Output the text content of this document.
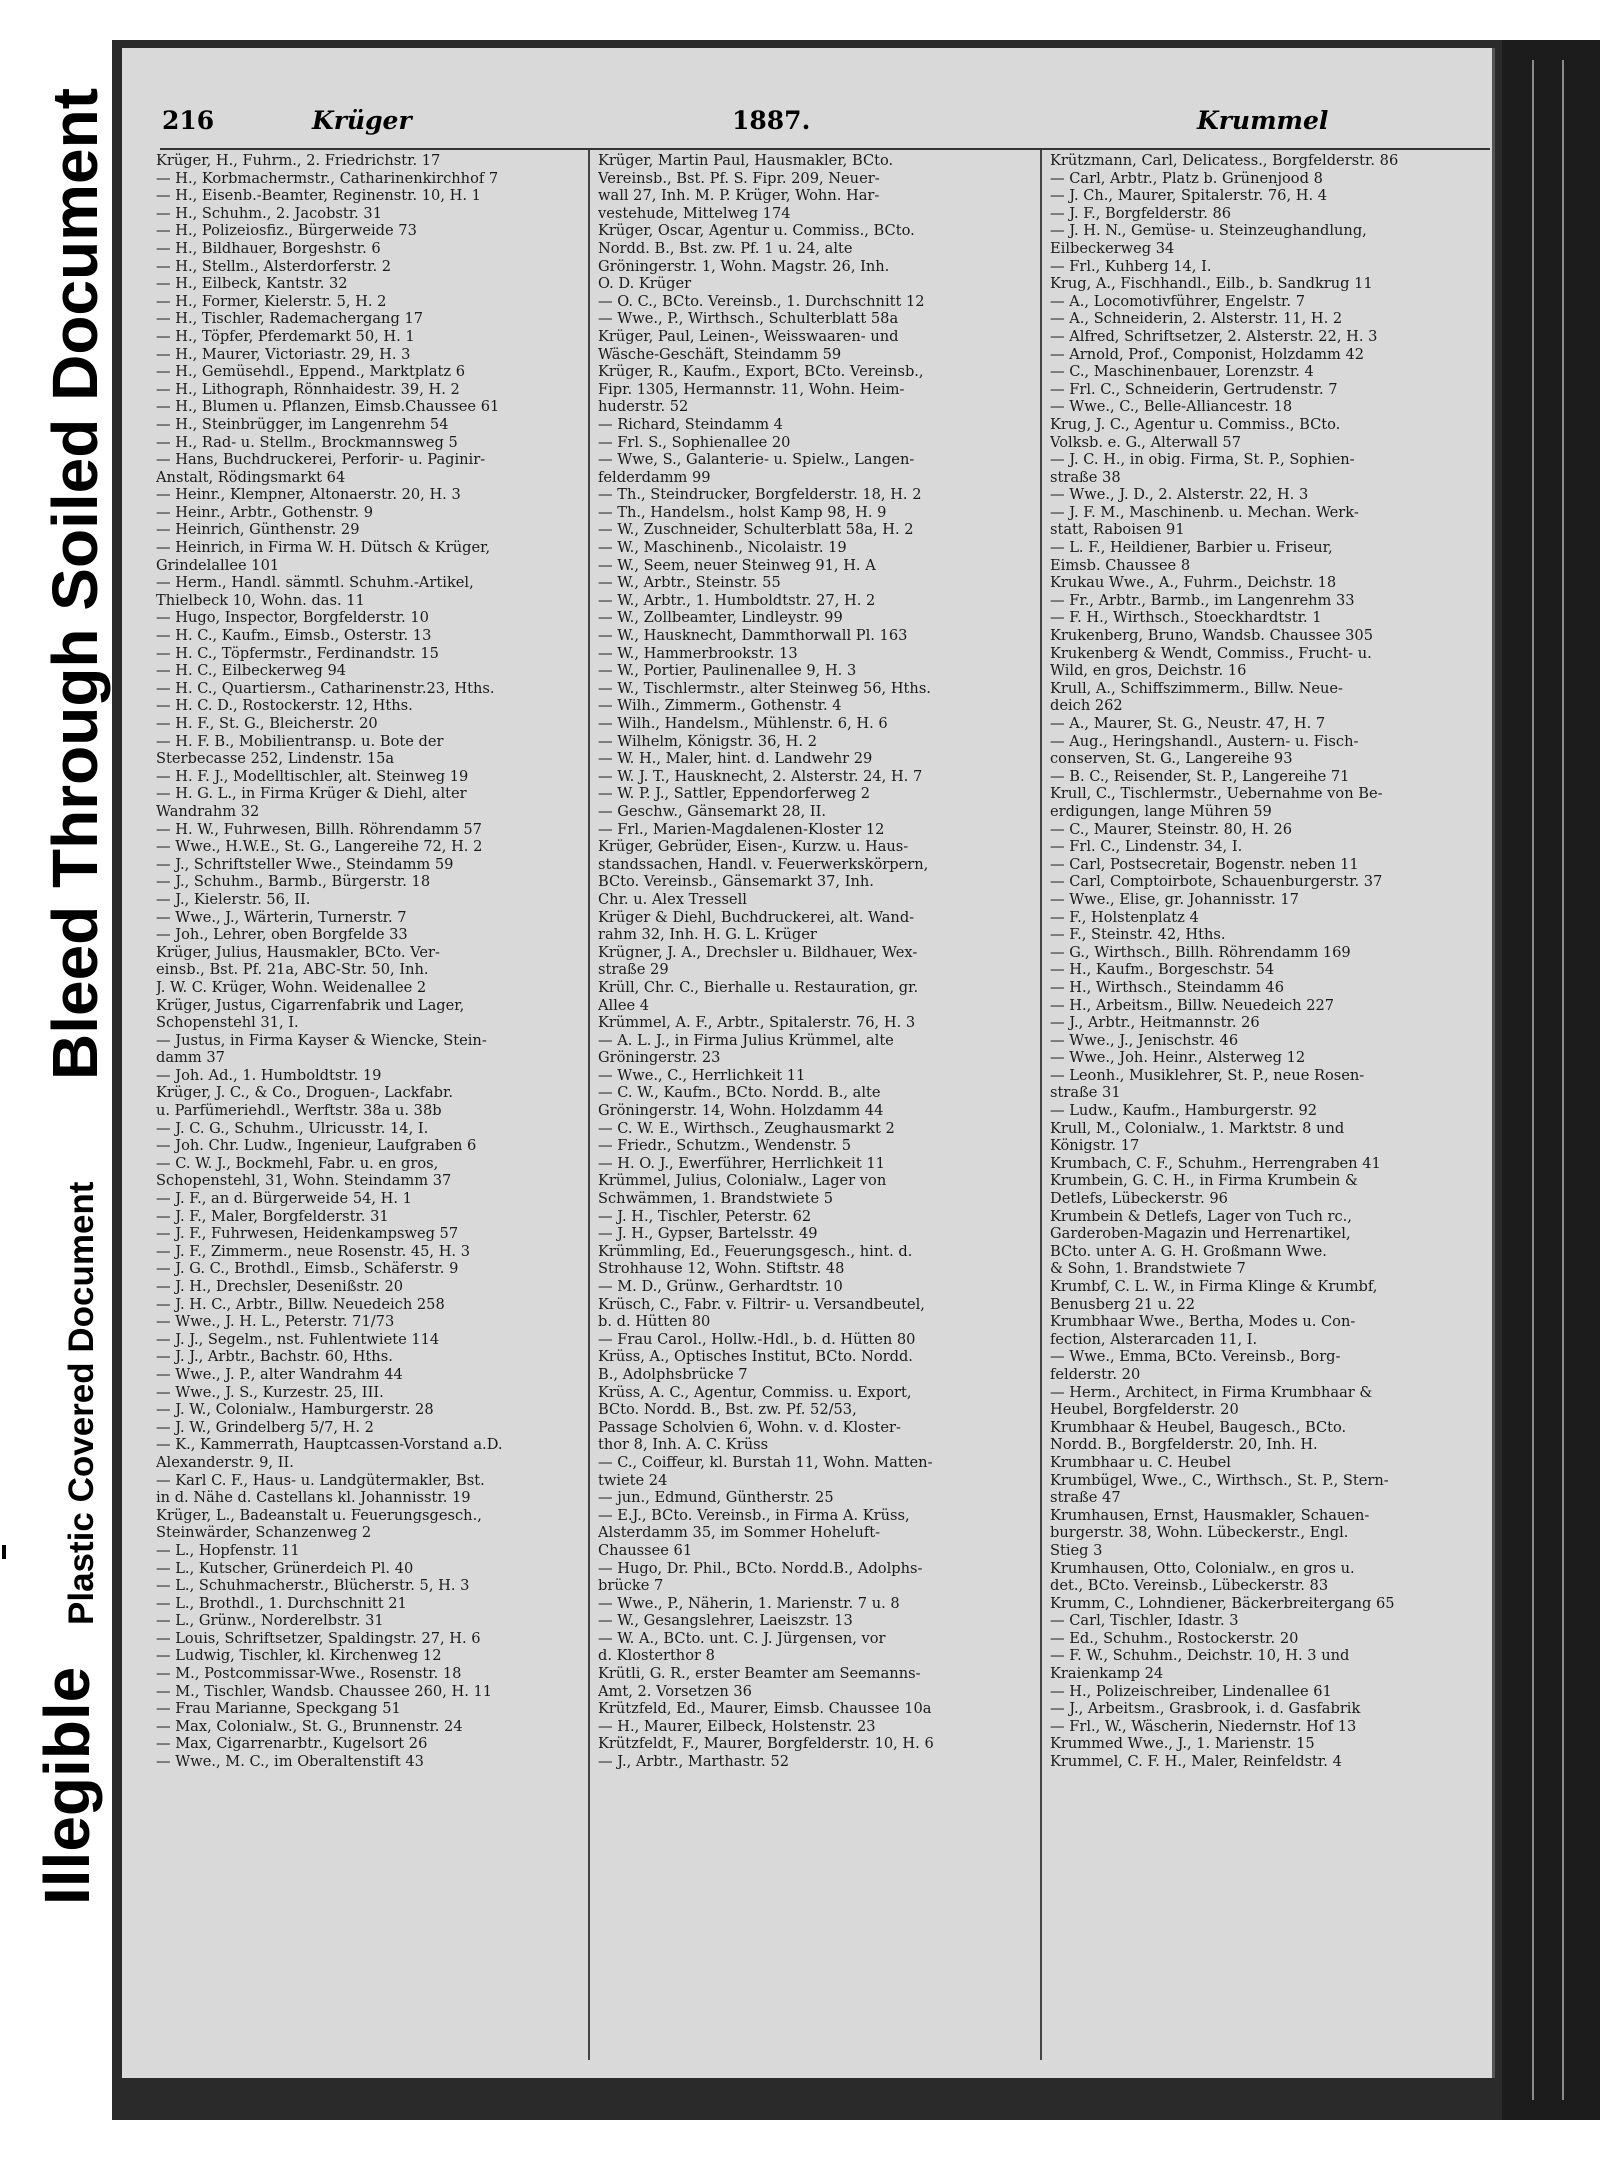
Bleed Through Soiled Document
Plastic Covered Document
Illegible
216	Krüger	1887.	Krummel
Krüger, H., Fuhrm., 2. Friedrichstr. 17
— H., Korbmachermstr., Catharinenkirchhof 7
— H., Eisenb.-Beamter, Reginenstr. 10, H. 1
— H., Schuhm., 2. Jacobstr. 31
— H., Polizeiosfiz., Bürgerweide 73
— H., Bildhauer, Borgeshstr. 6
— H., Stellm., Alsterdorferstr. 2
— H., Eilbeck, Kantstr. 32
— H., Former, Kielerstr. 5, H. 2
— H., Tischler, Rademachergang 17
— H., Töpfer, Pferdemarkt 50, H. 1
— H., Maurer, Victoriastr. 29, H. 3
— H., Gemüsehdl., Eppend., Marktplatz 6
— H., Lithograph, Rönnhaidestr. 39, H. 2
— H., Blumen u. Pflanzen, Eimsb.Chaussee 61
— H., Steinbrügger, im Langenrehm 54
— H., Rad- u. Stellm., Brockmannsweg 5
— Hans, Buchdruckerei, Perforir- u. Paginir-
Anstalt, Rödingsmarkt 64
— Heinr., Klempner, Altonaerstr. 20, H. 3
— Heinr., Arbtr., Gothenstr. 9
— Heinrich, Günthenstr. 29
— Heinrich, in Firma W. H. Dütsch & Krüger,
Grindelallee 101
— Herm., Handl. sämmtl. Schuhm.-Artikel,
Thielbeck 10, Wohn. das. 11
— Hugo, Inspector, Borgfelderstr. 10
— H. C., Kaufm., Eimsb., Osterstr. 13
— H. C., Töpfermstr., Ferdinandstr. 15
— H. C., Eilbeckerweg 94
— H. C., Quartiersm., Catharinenstr.23, Hths.
— H. C. D., Rostockerstr. 12, Hths.
— H. F., St. G., Bleicherstr. 20
— H. F. B., Mobilientransp. u. Bote der
Sterbecasse 252, Lindenstr. 15a
— H. F. J., Modelltischler, alt. Steinweg 19
— H. G. L., in Firma Krüger & Diehl, alter
Wandrahm 32
— H. W., Fuhrwesen, Billh. Röhrendamm 57
— Wwe., H.W.E., St. G., Langereihe 72, H. 2
— J., Schriftsteller Wwe., Steindamm 59
— J., Schuhm., Barmb., Bürgerstr. 18
— J., Kielerstr. 56, II.
— Wwe., J., Wärterin, Turnerstr. 7
— Joh., Lehrer, oben Borgfelde 33
Krüger, Julius, Hausmakler, BCto. Ver-
einsb., Bst. Pf. 21a, ABC-Str. 50, Inh.
J. W. C. Krüger, Wohn. Weidenallee 2
Krüger, Justus, Cigarrenfabrik und Lager,
Schopenstehl 31, I.
— Justus, in Firma Kayser & Wiencke, Stein-
damm 37
— Joh. Ad., 1. Humboldtstr. 19
Krüger, J. C., & Co., Droguen-, Lackfabr.
u. Parfümeriehdl., Werftstr. 38a u. 38b
— J. C. G., Schuhm., Ulricusstr. 14, I.
— Joh. Chr. Ludw., Ingenieur, Laufgraben 6
— C. W. J., Bockmehl, Fabr. u. en gros,
Schopenstehl, 31, Wohn. Steindamm 37
— J. F., an d. Bürgerweide 54, H. 1
— J. F., Maler, Borgfelderstr. 31
— J. F., Fuhrwesen, Heidenkampsweg 57
— J. F., Zimmerm., neue Rosenstr. 45, H. 3
— J. G. C., Brothdl., Eimsb., Schäferstr. 9
— J. H., Drechsler, Desenißstr. 20
— J. H. C., Arbtr., Billw. Neuedeich 258
— Wwe., J. H. L., Peterstr. 71/73
— J. J., Segelm., nst. Fuhlentwiete 114
— J. J., Arbtr., Bachstr. 60, Hths.
— Wwe., J. P., alter Wandrahm 44
— Wwe., J. S., Kurzestr. 25, III.
— J. W., Colonialw., Hamburgerstr. 28
— J. W., Grindelberg 5/7, H. 2
— K., Kammerrath, Hauptcassen-Vorstand a.D.
Alexanderstr. 9, II.
— Karl C. F., Haus- u. Landgütermakler, Bst.
in d. Nähe d. Castellans kl. Johannisstr. 19
Krüger, L., Badeanstalt u. Feuerungsgesch.,
Steinwärder, Schanzenweg 2
— L., Hopfenstr. 11
— L., Kutscher, Grünerdeich Pl. 40
— L., Schuhmacherstr., Blücherstr. 5, H. 3
— L., Brothdl., 1. Durchschnitt 21
— L., Grünw., Norderelbstr. 31
— Louis, Schriftsetzer, Spaldingstr. 27, H. 6
— Ludwig, Tischler, kl. Kirchenweg 12
— M., Postcommissar-Wwe., Rosenstr. 18
— M., Tischler, Wandsb. Chaussee 260, H. 11
— Frau Marianne, Speckgang 51
— Max, Colonialw., St. G., Brunnenstr. 24
— Max, Cigarrenarbtr., Kugelsort 26
— Wwe., M. C., im Oberaltenstift 43
Krüger, Martin Paul, Hausmakler, BCto.
Vereinsb., Bst. Pf. S. Fipr. 209, Neuer-
wall 27, Inh. M. P. Krüger, Wohn. Har-
vestehude, Mittelweg 174
Krüger, Oscar, Agentur u. Commiss., BCto.
Nordd. B., Bst. zw. Pf. 1 u. 24, alte
Gröningerstr. 1, Wohn. Magstr. 26, Inh.
O. D. Krüger
— O. C., BCto. Vereinsb., 1. Durchschnitt 12
— Wwe., P., Wirthsch., Schulterblatt 58a
Krüger, Paul, Leinen-, Weisswaaren- und
Wäsche-Geschäft, Steindamm 59
Krüger, R., Kaufm., Export, BCto. Vereinsb.,
Fipr. 1305, Hermannstr. 11, Wohn. Heim-
huderstr. 52
— Richard, Steindamm 4
— Frl. S., Sophienallee 20
— Wwe, S., Galanterie- u. Spielw., Langen-
felderdamm 99
— Th., Steindrucker, Borgfelderstr. 18, H. 2
— Th., Handelsm., holst Kamp 98, H. 9
— W., Zuschneider, Schulterblatt 58a, H. 2
— W., Maschinenb., Nicolaistr. 19
— W., Seem, neuer Steinweg 91, H. A
— W., Arbtr., Steinstr. 55
— W., Arbtr., 1. Humboldtstr. 27, H. 2
— W., Zollbeamter, Lindleystr. 99
— W., Hausknecht, Dammthorwall Pl. 163
— W., Hammerbrookstr. 13
— W., Portier, Paulinenallee 9, H. 3
— W., Tischlermstr., alter Steinweg 56, Hths.
— Wilh., Zimmerm., Gothenstr. 4
— Wilh., Handelsm., Mühlenstr. 6, H. 6
— Wilhelm, Königstr. 36, H. 2
— W. H., Maler, hint. d. Landwehr 29
— W. J. T., Hausknecht, 2. Alsterstr. 24, H. 7
— W. P. J., Sattler, Eppendorferweg 2
— Geschw., Gänsemarkt 28, II.
— Frl., Marien-Magdalenen-Kloster 12
Krüger, Gebrüder, Eisen-, Kurzw. u. Haus-
standssachen, Handl. v. Feuerwerkskörpern,
BCto. Vereinsb., Gänsemarkt 37, Inh.
Chr. u. Alex Tressell
Krüger & Diehl, Buchdruckerei, alt. Wand-
rahm 32, Inh. H. G. L. Krüger
Krügner, J. A., Drechsler u. Bildhauer, Wex-
straße 29
Krüll, Chr. C., Bierhalle u. Restauration, gr.
Allee 4
Krümmel, A. F., Arbtr., Spitalerstr. 76, H. 3
— A. L. J., in Firma Julius Krümmel, alte
Gröningerstr. 23
— Wwe., C., Herrlichkeit 11
— C. W., Kaufm., BCto. Nordd. B., alte
Gröningerstr. 14, Wohn. Holzdamm 44
— C. W. E., Wirthsch., Zeughausmarkt 2
— Friedr., Schutzm., Wendenstr. 5
— H. O. J., Ewerführer, Herrlichkeit 11
Krümmel, Julius, Colonialw., Lager von
Schwämmen, 1. Brandstwiete 5
— J. H., Tischler, Peterstr. 62
— J. H., Gypser, Bartelsstr. 49
Krümmling, Ed., Feuerungsgesch., hint. d.
Strohhause 12, Wohn. Stiftstr. 48
— M. D., Grünw., Gerhardtstr. 10
Krüsch, C., Fabr. v. Filtrir- u. Versandbeutel,
b. d. Hütten 80
— Frau Carol., Hollw.-Hdl., b. d. Hütten 80
Krüss, A., Optisches Institut, BCto. Nordd.
B., Adolphsbrücke 7
Krüss, A. C., Agentur, Commiss. u. Export,
BCto. Nordd. B., Bst. zw. Pf. 52/53,
Passage Scholvien 6, Wohn. v. d. Kloster-
thor 8, Inh. A. C. Krüss
— C., Coiffeur, kl. Burstah 11, Wohn. Matten-
twiete 24
— jun., Edmund, Güntherstr. 25
— E.J., BCto. Vereinsb., in Firma A. Krüss,
Alsterdamm 35, im Sommer Hoheluft-
Chaussee 61
— Hugo, Dr. Phil., BCto. Nordd.B., Adolphs-
brücke 7
— Wwe., P., Näherin, 1. Marienstr. 7 u. 8
— W., Gesangslehrer, Laeiszstr. 13
— W. A., BCto. unt. C. J. Jürgensen, vor
d. Klosterthor 8
Krütli, G. R., erster Beamter am Seemanns-
Amt, 2. Vorsetzen 36
Krützfeld, Ed., Maurer, Eimsb. Chaussee 10a
— H., Maurer, Eilbeck, Holstenstr. 23
Krützfeldt, F., Maurer, Borgfelderstr. 10, H. 6
— J., Arbtr., Marthastr. 52
Krützmann, Carl, Delicatess., Borgfelderstr. 86
— Carl, Arbtr., Platz b. Grünenjood 8
— J. Ch., Maurer, Spitalerstr. 76, H. 4
— J. F., Borgfelderstr. 86
— J. H. N., Gemüse- u. Steinzeughandlung,
Eilbeckerweg 34
— Frl., Kuhberg 14, I.
Krug, A., Fischhandl., Eilb., b. Sandkrug 11
— A., Locomotivführer, Engelstr. 7
— A., Schneiderin, 2. Alsterstr. 11, H. 2
— Alfred, Schriftsetzer, 2. Alsterstr. 22, H. 3
— Arnold, Prof., Componist, Holzdamm 42
— C., Maschinenbauer, Lorenzstr. 4
— Frl. C., Schneiderin, Gertrudenstr. 7
— Wwe., C., Belle-Alliancestr. 18
Krug, J. C., Agentur u. Commiss., BCto.
Volksb. e. G., Alterwall 57
— J. C. H., in obig. Firma, St. P., Sophien-
straße 38
— Wwe., J. D., 2. Alsterstr. 22, H. 3
— J. F. M., Maschinenb. u. Mechan. Werk-
statt, Raboisen 91
— L. F., Heildiener, Barbier u. Friseur,
Eimsb. Chaussee 8
Krukau Wwe., A., Fuhrm., Deichstr. 18
— Fr., Arbtr., Barmb., im Langenrehm 33
— F. H., Wirthsch., Stoeckhardtstr. 1
Krukenberg, Bruno, Wandsb. Chaussee 305
Krukenberg & Wendt, Commiss., Frucht- u.
Wild, en gros, Deichstr. 16
Krull, A., Schiffszimmerm., Billw. Neue-
deich 262
— A., Maurer, St. G., Neustr. 47, H. 7
— Aug., Heringshandl., Austern- u. Fisch-
conserven, St. G., Langereihe 93
— B. C., Reisender, St. P., Langereihe 71
Krull, C., Tischlermstr., Uebernahme von Be-
erdigungen, lange Mühren 59
— C., Maurer, Steinstr. 80, H. 26
— Frl. C., Lindenstr. 34, I.
— Carl, Postsecretair, Bogenstr. neben 11
— Carl, Comptoirbote, Schauenburgerstr. 37
— Wwe., Elise, gr. Johannisstr. 17
— F., Holstenplatz 4
— F., Steinstr. 42, Hths.
— G., Wirthsch., Billh. Röhrendamm 169
— H., Kaufm., Borgeschstr. 54
— H., Wirthsch., Steindamm 46
— H., Arbeitsm., Billw. Neuedeich 227
— J., Arbtr., Heitmannstr. 26
— Wwe., J., Jenischstr. 46
— Wwe., Joh. Heinr., Alsterweg 12
— Leonh., Musiklehrer, St. P., neue Rosen-
straße 31
— Ludw., Kaufm., Hamburgerstr. 92
Krull, M., Colonialw., 1. Marktstr. 8 und
Königstr. 17
Krumbach, C. F., Schuhm., Herrengraben 41
Krumbein, G. C. H., in Firma Krumbein &
Detlefs, Lübeckerstr. 96
Krumbein & Detlefs, Lager von Tuch rc.,
Garderoben-Magazin und Herrenartikel,
BCto. unter A. G. H. Großmann Wwe.
& Sohn, 1. Brandstwiete 7
Krumbf, C. L. W., in Firma Klinge & Krumbf,
Benusberg 21 u. 22
Krumbhaar Wwe., Bertha, Modes u. Con-
fection, Alsterarcaden 11, I.
— Wwe., Emma, BCto. Vereinsb., Borg-
felderstr. 20
— Herm., Architect, in Firma Krumbhaar &
Heubel, Borgfelderstr. 20
Krumbhaar & Heubel, Baugesch., BCto.
Nordd. B., Borgfelderstr. 20, Inh. H.
Krumbhaar u. C. Heubel
Krumbügel, Wwe., C., Wirthsch., St. P., Stern-
straße 47
Krumhausen, Ernst, Hausmakler, Schauen-
burgerstr. 38, Wohn. Lübeckerstr., Engl.
Stieg 3
Krumhausen, Otto, Colonialw., en gros u.
det., BCto. Vereinsb., Lübeckerstr. 83
Krumm, C., Lohndiener, Bäckerbreitergang 65
— Carl, Tischler, Idastr. 3
— Ed., Schuhm., Rostockerstr. 20
— F. W., Schuhm., Deichstr. 10, H. 3 und
Kraienkamp 24
— H., Polizeischreiber, Lindenallee 61
— J., Arbeitsm., Grasbrook, i. d. Gasfabrik
— Frl., W., Wäscherin, Niedernstr. Hof 13
Krummed Wwe., J., 1. Marienstr. 15
Krummel, C. F. H., Maler, Reinfeldstr. 4
